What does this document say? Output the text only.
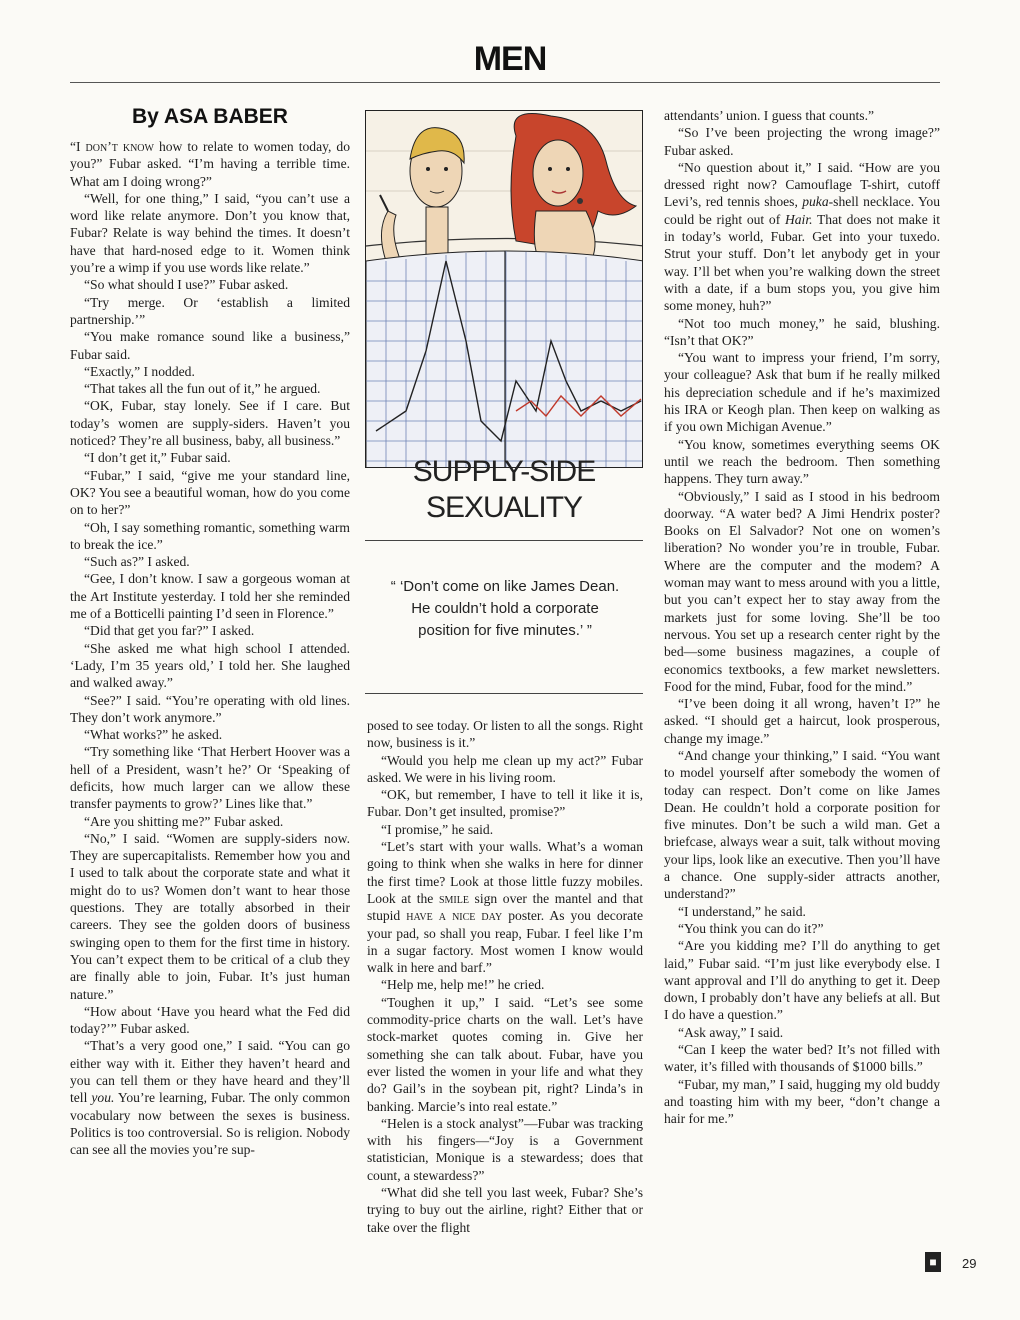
MEN
By ASA BABER

“I don’t know how to relate to women today, do you?” Fubar asked. “I’m having a terrible time. What am I doing wrong?”

“Well, for one thing,” I said, “you can’t use a word like relate anymore. Don’t you know that, Fubar? Relate is way behind the times. It doesn’t have that hard-nosed edge to it. Women think you’re a wimp if you use words like relate.”

“So what should I use?” Fubar asked.

“Try merge. Or ‘establish a limited partnership.’”

“You make romance sound like a business,” Fubar said.

“Exactly,” I nodded.

“That takes all the fun out of it,” he argued.

“OK, Fubar, stay lonely. See if I care. But today’s women are supply-siders. Haven’t you noticed? They’re all business, baby, all business.”

“I don’t get it,” Fubar said.

“Fubar,” I said, “give me your standard line, OK? You see a beautiful woman, how do you come on to her?”

“Oh, I say something romantic, something warm to break the ice.”

“Such as?” I asked.

“Gee, I don’t know. I saw a gorgeous woman at the Art Institute yesterday. I told her she reminded me of a Botticelli painting I’d seen in Florence.”

“Did that get you far?” I asked.

“She asked me what high school I attended. ‘Lady, I’m 35 years old,’ I told her. She laughed and walked away.”

“See?” I said. “You’re operating with old lines. They don’t work anymore.”

“What works?” he asked.

“Try something like ‘That Herbert Hoover was a hell of a President, wasn’t he?’ Or ‘Speaking of deficits, how much larger can we allow these transfer payments to grow?’ Lines like that.”

“Are you shitting me?” Fubar asked.

“No,” I said. “Women are supply-siders now. They are supercapitalists. Remember how you and I used to talk about the corporate state and what it might do to us? Women don’t want to hear those questions. They are totally absorbed in their careers. They see the golden doors of business swinging open to them for the first time in history. You can’t expect them to be critical of a club they are finally able to join, Fubar. It’s just human nature.”

“How about ‘Have you heard what the Fed did today?’” Fubar asked.

“That’s a very good one,” I said. “You can go either way with it. Either they haven’t heard and you can tell them or they have heard and they’ll tell you. You’re learning, Fubar. The only common vocabulary now between the sexes is business. Politics is too controversial. So is religion. Nobody can see all the movies you’re sup-

SUPPLY-SIDE
SEXUALITY
“ ‘Don’t come on like James Dean. He couldn’t hold a corporate position for five minutes.’ ”

posed to see today. Or listen to all the songs. Right now, business is it.”

“Would you help me clean up my act?” Fubar asked. We were in his living room.

“OK, but remember, I have to tell it like it is, Fubar. Don’t get insulted, promise?”

“I promise,” he said.

“Let’s start with your walls. What’s a woman going to think when she walks in here for dinner the first time? Look at those little fuzzy mobiles. Look at the smile sign over the mantel and that stupid have a nice day poster. As you decorate your pad, so shall you reap, Fubar. I feel like I’m in a sugar factory. Most women I know would walk in here and barf.”

“Help me, help me!” he cried.

“Toughen it up,” I said. “Let’s see some commodity-price charts on the wall. Let’s have stock-market quotes coming in. Give her something she can talk about. Fubar, have you ever listed the women in your life and what they do? Gail’s in the soybean pit, right? Linda’s in banking. Marcie’s into real estate.”

“Helen is a stock analyst”—Fubar was tracking with his fingers—“Joy is a Government statistician, Monique is a stewardess; does that count, a stewardess?”

“What did she tell you last week, Fubar? She’s trying to buy out the airline, right? Either that or take over the flight

attendants’ union. I guess that counts.”

“So I’ve been projecting the wrong image?” Fubar asked.

“No question about it,” I said. “How are you dressed right now? Camouflage T-shirt, cutoff Levi’s, red tennis shoes, puka-shell necklace. You could be right out of Hair. That does not make it in today’s world, Fubar. Get into your tuxedo. Strut your stuff. Don’t let anybody get in your way. I’ll bet when you’re walking down the street with a date, if a bum stops you, you give him some money, huh?”

“Not too much money,” he said, blushing. “Isn’t that OK?”

“You want to impress your friend, I’m sorry, your colleague? Ask that bum if he really milked his depreciation schedule and if he’s maximized his IRA or Keogh plan. Then keep on walking as if you own Michigan Avenue.”

“You know, sometimes everything seems OK until we reach the bedroom. Then something happens. They turn away.”

“Obviously,” I said as I stood in his bedroom doorway. “A water bed? A Jimi Hendrix poster? Books on El Salvador? Not one on women’s liberation? No wonder you’re in trouble, Fubar. Where are the computer and the modem? A woman may want to mess around with you a little, but you can’t expect her to stay away from the markets just for some loving. She’ll be too nervous. You set up a research center right by the bed—some business magazines, a couple of economics textbooks, a few market newsletters. Food for the mind, Fubar, food for the mind.”

“I’ve been doing it all wrong, haven’t I?” he asked. “I should get a haircut, look prosperous, change my image.”

“And change your thinking,” I said. “You want to model yourself after somebody the women of today can respect. Don’t come on like James Dean. He couldn’t hold a corporate position for five minutes. Don’t be such a wild man. Get a briefcase, always wear a suit, talk without moving your lips, look like an executive. Then you’ll have a chance. One supply-sider attracts another, understand?”

“I understand,” he said.

“You think you can do it?”

“Are you kidding me? I’ll do anything to get laid,” Fubar said. “I’m just like everybody else. I want approval and I’ll do anything to get it. Deep down, I probably don’t have any beliefs at all. But I do have a question.”

“Ask away,” I said.

“Can I keep the water bed? It’s not filled with water, it’s filled with thousands of $1000 bills.”

“Fubar, my man,” I said, hugging my old buddy and toasting him with my beer, “don’t change a hair for me.”

■	29
